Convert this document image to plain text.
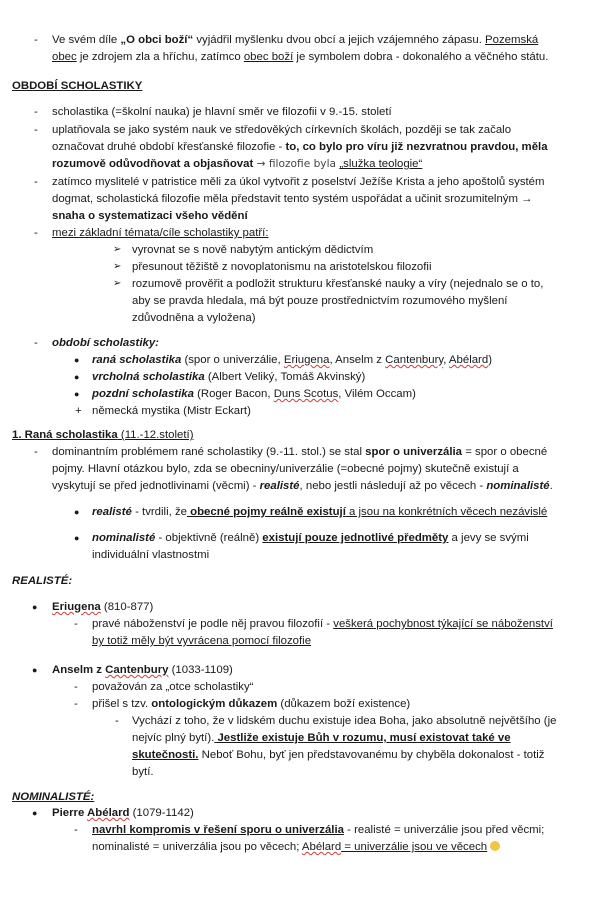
- Ve svém díle „O obci boží“ vyjádřil myšlenku dvou obcí a jejich vzájemného zápasu. Pozemská
obec je zdrojem zla a hříchu, zatímco obec boží je symbolem dobra - dokonalého a věčného státu.
OBDOBÍ SCHOLASTIKY
- scholastika (=školní nauka) je hlavní směr ve filozofii v 9.-15. století
- uplatňovala se jako systém nauk ve středověkých církevních školách, později se tak začalo
označovat druhé období křesťanské filozofie - to, co bylo pro víru již nezvratnou pravdou, měla
rozumově odůvodňovat a objasňovat → filozofie byla „služka teologie“
- zatímco myslitelé v patristice měli za úkol vytvořit z poselství Ježíše Krista a jeho apoštolů systém
dogmat, scholastická filozofie měla představit tento systém uspořádat a učinit srozumitelným →
snaha o systematizaci všeho vědění
- mezi základní témata/cíle scholastiky patří:
➢ vyrovnat se s nově nabytým antickým dědictvím
➢ přesunout těžiště z novoplatonismu na aristotelskou filozofii
➢ rozumově prověřit a podložit strukturu křesťanské nauky a víry (nejednalo se o to,
aby se pravda hledala, má být pouze prostřednictvím rozumového myšlení
zdůvodněna a vyložena)
- období scholastiky:
● raná scholastika (spor o univerzálie, Eriugena, Anselm z Cantenbury, Abélard)
● vrcholná scholastika (Albert Veliký, Tomáš Akvinský)
● pozdní scholastika (Roger Bacon, Duns Scotus, Vilém Occam)
+ německá mystika (Mistr Eckart)
1. Raná scholastika (11.-12.století)
- dominantním problémem rané scholastiky (9.-11. stol.) se stal spor o univerzália = spor o obecné
pojmy. Hlavní otázkou bylo, zda se obecniny/univerzálie (=obecné pojmy) skutečně existují a
vyskytují se před jednotlivinami (věcmi) - realisté, nebo jestli následují až po věcech - nominalisté.
● realisté - tvrdili, že obecné pojmy reálně existují a jsou na konkrétních věcech nezávislé
● nominalisté - objektivně (reálně) existují pouze jednotlivé předměty a jevy se svými
individuální vlastnostmi
REALISTÉ:
● Eriugena (810-877)
- pravé náboženství je podle něj pravou filozofií - veškerá pochybnost týkající se náboženství
by totiž měly být vyvrácena pomocí filozofie
● Anselm z Cantenbury (1033-1109)
- považován za „otce scholastiky“
- přišel s tzv. ontologickým důkazem (důkazem boží existence)
- Vychází z toho, že v lidském duchu existuje idea Boha, jako absolutně největšího (je
nejvíc plný bytí). Jestliže existuje Bůh v rozumu, musí existovat také ve
skutečnosti. Neboť Bohu, byť jen představovanému by chyběla dokonalost - totiž
bytí.
NOMINALISTÉ:
● Pierre Abélard (1079-1142)
- navrhl kompromis v řešení sporu o univerzália - realisté = univerzálie jsou před věcmi;
nominalisté = univerzália jsou po věcech; Abélard = univerzálie jsou ve věcech
